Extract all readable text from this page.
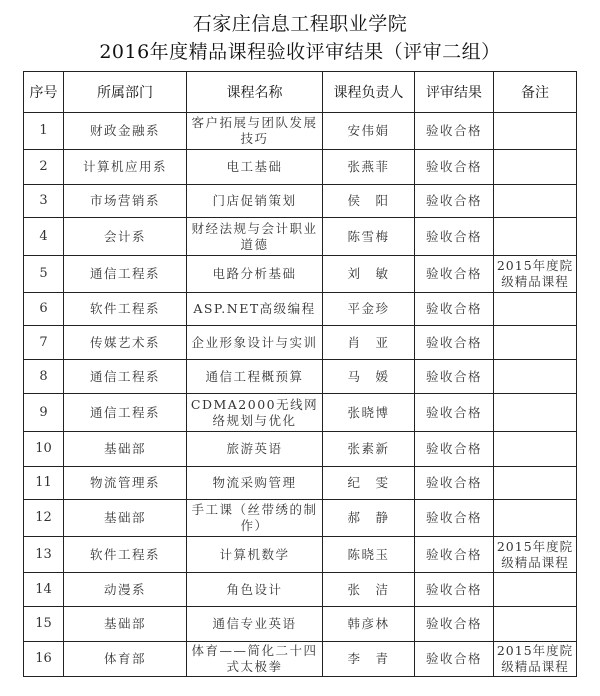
石家庄信息工程职业学院
2016年度精品课程验收评审结果（评审二组）
序号	所属部门	课程名称	课程负责人	评审结果	备注
1	财政金融系	客户拓展与团队发展技巧	安伟娟	验收合格	
2	计算机应用系	电工基础	张燕菲	验收合格	
3	市场营销系	门店促销策划	侯　阳	验收合格	
4	会计系	财经法规与会计职业道德	陈雪梅	验收合格	
5	通信工程系	电路分析基础	刘　敏	验收合格	2015年度院级精品课程
6	软件工程系	ASP.NET高级编程	平金珍	验收合格	
7	传媒艺术系	企业形象设计与实训	肖　亚	验收合格	
8	通信工程系	通信工程概预算	马　媛	验收合格	
9	通信工程系	CDMA2000无线网络规划与优化	张晓博	验收合格	
10	基础部	旅游英语	张素新	验收合格	
11	物流管理系	物流采购管理	纪　雯	验收合格	
12	基础部	手工课（丝带绣的制作）	郝　静	验收合格	
13	软件工程系	计算机数学	陈晓玉	验收合格	2015年度院级精品课程
14	动漫系	角色设计	张　洁	验收合格	
15	基础部	通信专业英语	韩彦林	验收合格	
16	体育部	体育——简化二十四式太极拳	李　青	验收合格	2015年度院级精品课程
